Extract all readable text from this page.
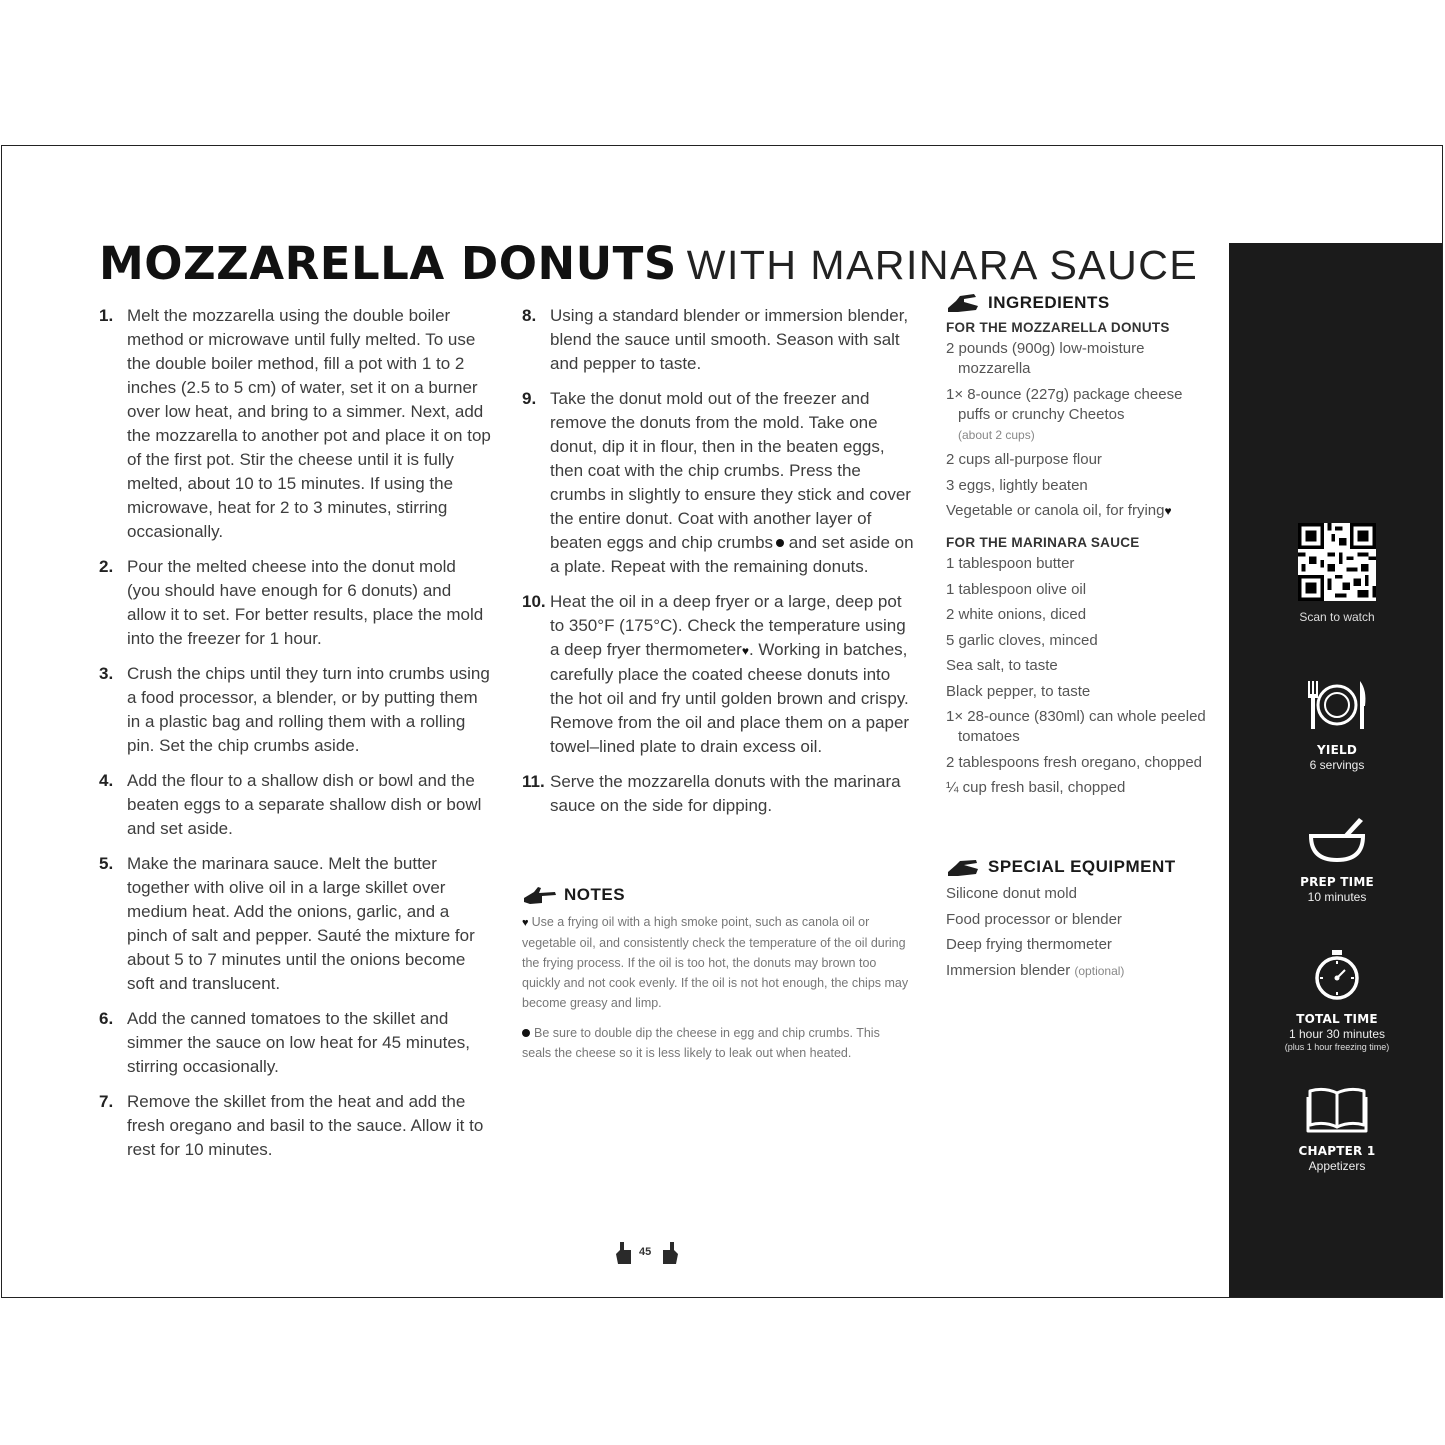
MOZZARELLA DONUTS WITH MARINARA SAUCE
1. Melt the mozzarella using the double boiler method or microwave until fully melted. To use the double boiler method, fill a pot with 1 to 2 inches (2.5 to 5 cm) of water, set it on a burner over low heat, and bring to a simmer. Next, add the mozzarella to another pot and place it on top of the first pot. Stir the cheese until it is fully melted, about 10 to 15 minutes. If using the microwave, heat for 2 to 3 minutes, stirring occasionally.
2. Pour the melted cheese into the donut mold (you should have enough for 6 donuts) and allow it to set. For better results, place the mold into the freezer for 1 hour.
3. Crush the chips until they turn into crumbs using a food processor, a blender, or by putting them in a plastic bag and rolling them with a rolling pin. Set the chip crumbs aside.
4. Add the flour to a shallow dish or bowl and the beaten eggs to a separate shallow dish or bowl and set aside.
5. Make the marinara sauce. Melt the butter together with olive oil in a large skillet over medium heat. Add the onions, garlic, and a pinch of salt and pepper. Sauté the mixture for about 5 to 7 minutes until the onions become soft and translucent.
6. Add the canned tomatoes to the skillet and simmer the sauce on low heat for 45 minutes, stirring occasionally.
7. Remove the skillet from the heat and add the fresh oregano and basil to the sauce. Allow it to rest for 10 minutes.
8. Using a standard blender or immersion blender, blend the sauce until smooth. Season with salt and pepper to taste.
9. Take the donut mold out of the freezer and remove the donuts from the mold. Take one donut, dip it in flour, then in the beaten eggs, then coat with the chip crumbs. Press the crumbs in slightly to ensure they stick and cover the entire donut. Coat with another layer of beaten eggs and chip crumbs and set aside on a plate. Repeat with the remaining donuts.
10. Heat the oil in a deep fryer or a large, deep pot to 350°F (175°C). Check the temperature using a deep fryer thermometer♥. Working in batches, carefully place the coated cheese donuts into the hot oil and fry until golden brown and crispy. Remove from the oil and place them on a paper towel–lined plate to drain excess oil.
11. Serve the mozzarella donuts with the marinara sauce on the side for dipping.
NOTES
♥ Use a frying oil with a high smoke point, such as canola oil or vegetable oil, and consistently check the temperature of the oil during the frying process. If the oil is too hot, the donuts may brown too quickly and not cook evenly. If the oil is not hot enough, the chips may become greasy and limp.
Be sure to double dip the cheese in egg and chip crumbs. This seals the cheese so it is less likely to leak out when heated.
INGREDIENTS
FOR THE MOZZARELLA DONUTS
2 pounds (900g) low-moisture mozzarella
1× 8-ounce (227g) package cheese puffs or crunchy Cheetos
(about 2 cups)
2 cups all-purpose flour
3 eggs, lightly beaten
Vegetable or canola oil, for frying♥
FOR THE MARINARA SAUCE
1 tablespoon butter
1 tablespoon olive oil
2 white onions, diced
5 garlic cloves, minced
Sea salt, to taste
Black pepper, to taste
1× 28-ounce (830ml) can whole peeled tomatoes
2 tablespoons fresh oregano, chopped
¼ cup fresh basil, chopped
SPECIAL EQUIPMENT
Silicone donut mold
Food processor or blender
Deep frying thermometer
Immersion blender (optional)
Scan to watch
YIELD
6 servings
PREP TIME
10 minutes
TOTAL TIME
1 hour 30 minutes
(plus 1 hour freezing time)
CHAPTER 1
Appetizers
45
